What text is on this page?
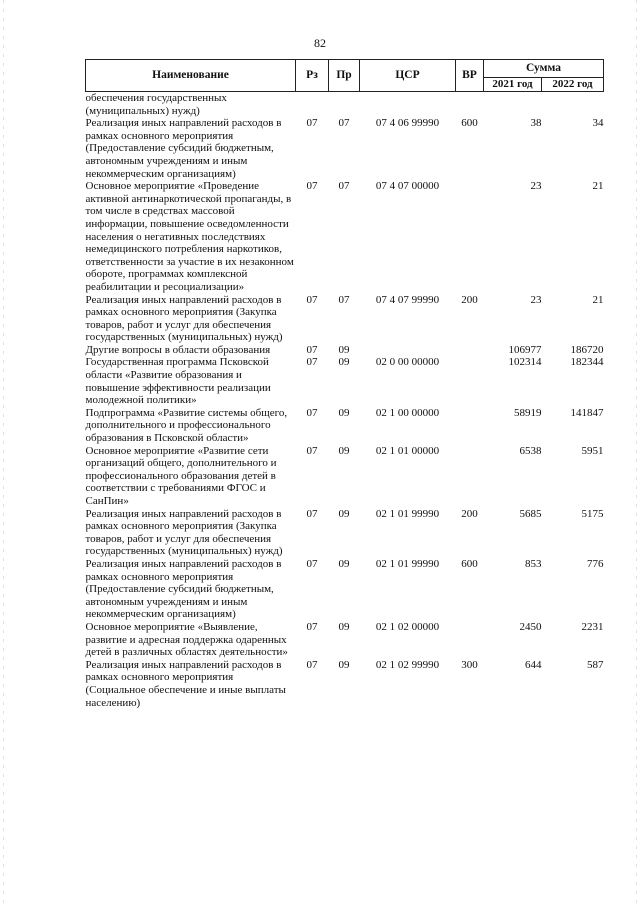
82
Наименование	Рз	Пр	ЦСР	ВР	Сумма	
					2021 год	2022 год
обеспечения государственных (муниципальных) нужд)						
Реализация иных направлений расходов в рамках основного мероприятия (Предоставление субсидий бюджетным, автономным учреждениям и иным некоммерческим организациям)	07	07	07 4 06 99990	600	38	34
Основное мероприятие «Проведение активной антинаркотической пропаганды, в том числе в средствах массовой информации, повышение осведомленности населения о негативных последствиях немедицинского потребления наркотиков, ответственности за участие в их незаконном обороте, программах комплексной реабилитации и ресоциализации»	07	07	07 4 07 00000		23	21
Реализация иных направлений расходов в рамках основного мероприятия (Закупка товаров, работ и услуг для обеспечения государственных (муниципальных) нужд)	07	07	07 4 07 99990	200	23	21
Другие вопросы в области образования	07	09			106977	186720
Государственная программа Псковской области «Развитие образования и повышение эффективности реализации молодежной политики»	07	09	02 0 00 00000		102314	182344
Подпрограмма «Развитие системы общего, дополнительного и профессионального образования в Псковской области»	07	09	02 1 00 00000		58919	141847
Основное мероприятие «Развитие сети организаций общего, дополнительного и профессионального образования детей в соответствии с требованиями ФГОС и СанПин»	07	09	02 1 01 00000		6538	5951
Реализация иных направлений расходов в рамках основного мероприятия (Закупка товаров, работ и услуг для обеспечения государственных (муниципальных) нужд)	07	09	02 1 01 99990	200	5685	5175
Реализация иных направлений расходов в рамках основного мероприятия (Предоставление субсидий бюджетным, автономным учреждениям и иным некоммерческим организациям)	07	09	02 1 01 99990	600	853	776
Основное мероприятие «Выявление, развитие и адресная поддержка одаренных детей в различных областях деятельности»	07	09	02 1 02 00000		2450	2231
Реализация иных направлений расходов в рамках основного мероприятия (Социальное обеспечение и иные выплаты населению)	07	09	02 1 02 99990	300	644	587
